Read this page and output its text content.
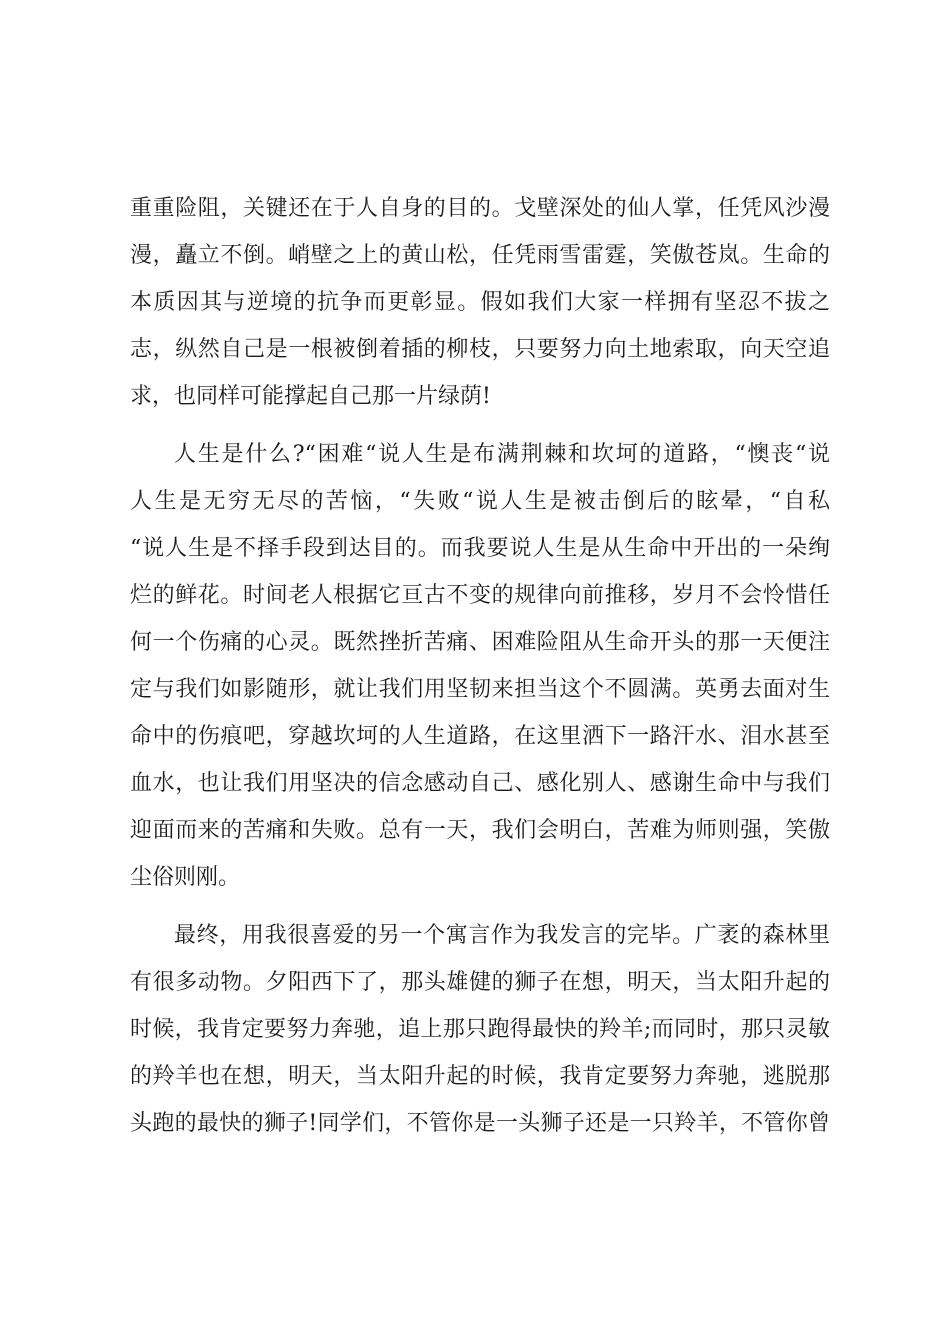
重重险阻，关键还在于人自身的目的。戈壁深处的仙人掌，任凭风沙漫
漫，矗立不倒。峭壁之上的黄山松，任凭雨雪雷霆，笑傲苍岚。生命的
本质因其与逆境的抗争而更彰显。假如我们大家一样拥有坚忍不拔之
志，纵然自己是一根被倒着插的柳枝，只要努力向土地索取，向天空追
求，也同样可能撑起自己那一片绿荫!
人生是什么?“困难“说人生是布满荆棘和坎坷的道路，“懊丧“说
人生是无穷无尽的苦恼，“失败“说人生是被击倒后的眩晕，“自私
“说人生是不择手段到达目的。而我要说人生是从生命中开出的一朵绚
烂的鲜花。时间老人根据它亘古不变的规律向前推移，岁月不会怜惜任
何一个伤痛的心灵。既然挫折苦痛、困难险阻从生命开头的那一天便注
定与我们如影随形，就让我们用坚韧来担当这个不圆满。英勇去面对生
命中的伤痕吧，穿越坎坷的人生道路，在这里洒下一路汗水、泪水甚至
血水，也让我们用坚决的信念感动自己、感化别人、感谢生命中与我们
迎面而来的苦痛和失败。总有一天，我们会明白，苦难为师则强，笑傲
尘俗则刚。
最终，用我很喜爱的另一个寓言作为我发言的完毕。广袤的森林里
有很多动物。夕阳西下了，那头雄健的狮子在想，明天，当太阳升起的
时候，我肯定要努力奔驰，追上那只跑得最快的羚羊;而同时，那只灵敏
的羚羊也在想，明天，当太阳升起的时候，我肯定要努力奔驰，逃脱那
头跑的最快的狮子!同学们，不管你是一头狮子还是一只羚羊，不管你曾
